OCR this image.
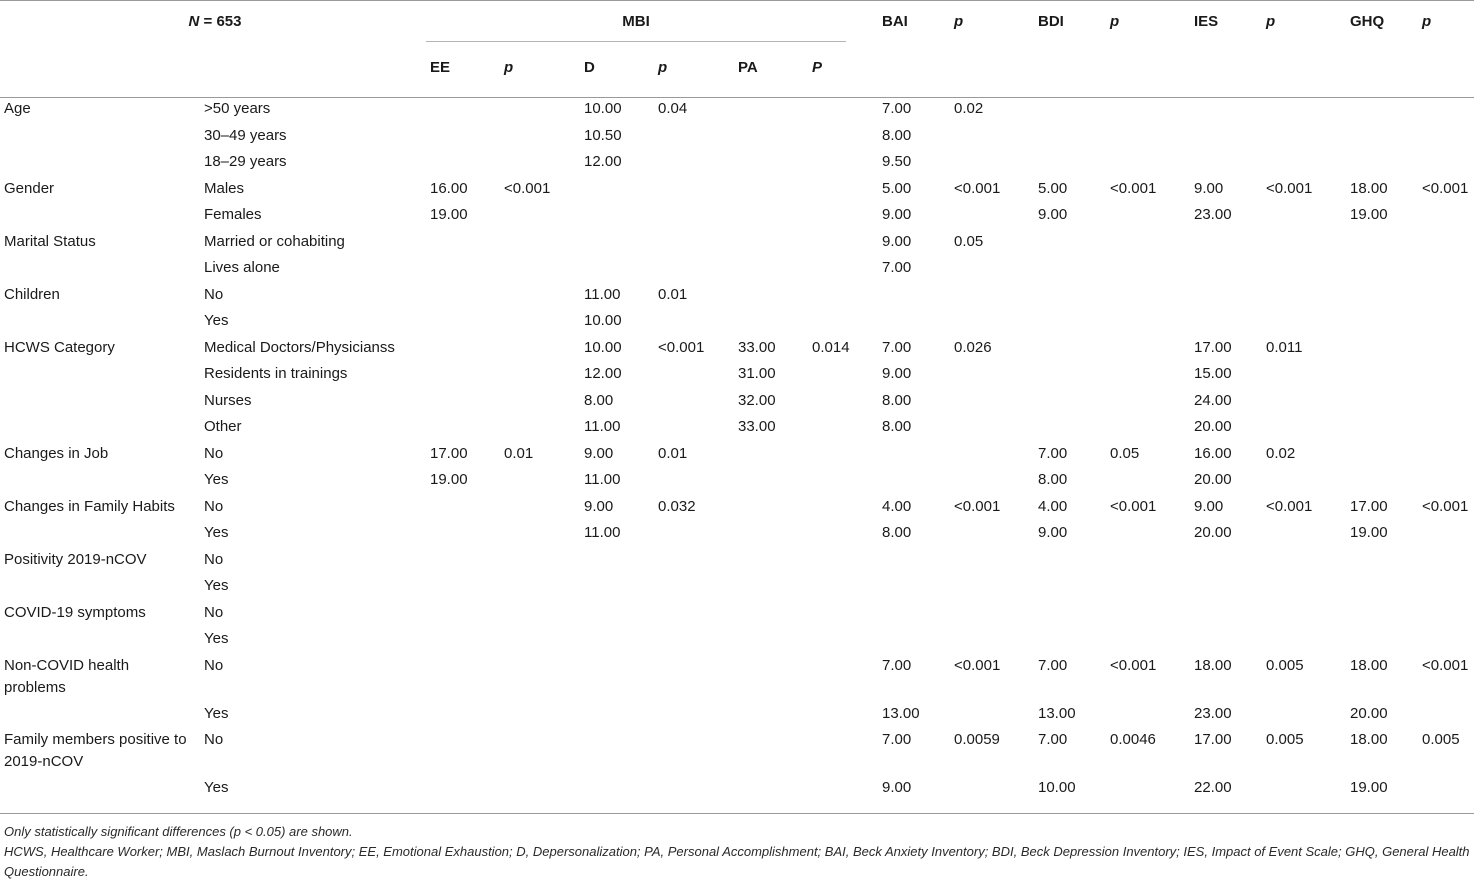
N = 653		MBI						BAI	p	BDI	p	IES	p	GHQ	p
		EE	p	D	p	PA	P								
Age	>50 years			10.00	0.04			7.00	0.02						
	30–49 years			10.50				8.00							
	18–29 years			12.00				9.50							
Gender	Males	16.00	<0.001					5.00	<0.001	5.00	<0.001	9.00	<0.001	18.00	<0.001
	Females	19.00						9.00		9.00		23.00		19.00	
Marital Status	Married or cohabiting							9.00	0.05						
	Lives alone							7.00							
Children	No			11.00	0.01										
	Yes			10.00											
HCWS Category	Medical Doctors/Physicianss			10.00	<0.001	33.00	0.014	7.00	0.026			17.00	0.011		
	Residents in trainings			12.00		31.00		9.00				15.00			
	Nurses			8.00		32.00		8.00				24.00			
	Other			11.00		33.00		8.00				20.00			
Changes in Job	No	17.00	0.01	9.00	0.01					7.00	0.05	16.00	0.02		
	Yes	19.00		11.00						8.00		20.00			
Changes in Family Habits	No			9.00	0.032			4.00	<0.001	4.00	<0.001	9.00	<0.001	17.00	<0.001
	Yes			11.00				8.00		9.00		20.00		19.00	
Positivity 2019-nCOV	No														
	Yes														
COVID-19 symptoms	No														
	Yes														
Non-COVID health problems	No							7.00	<0.001	7.00	<0.001	18.00	0.005	18.00	<0.001
	Yes							13.00		13.00		23.00		20.00	
Family members positive to 2019-nCOV	No							7.00	0.0059	7.00	0.0046	17.00	0.005	18.00	0.005
	Yes							9.00		10.00		22.00		19.00	

Only statistically significant differences (p < 0.05) are shown.

HCWS, Healthcare Worker; MBI, Maslach Burnout Inventory; EE, Emotional Exhaustion; D, Depersonalization; PA, Personal Accomplishment; BAI, Beck Anxiety Inventory; BDI, Beck Depression Inventory; IES, Impact of Event Scale; GHQ, General Health Questionnaire.
